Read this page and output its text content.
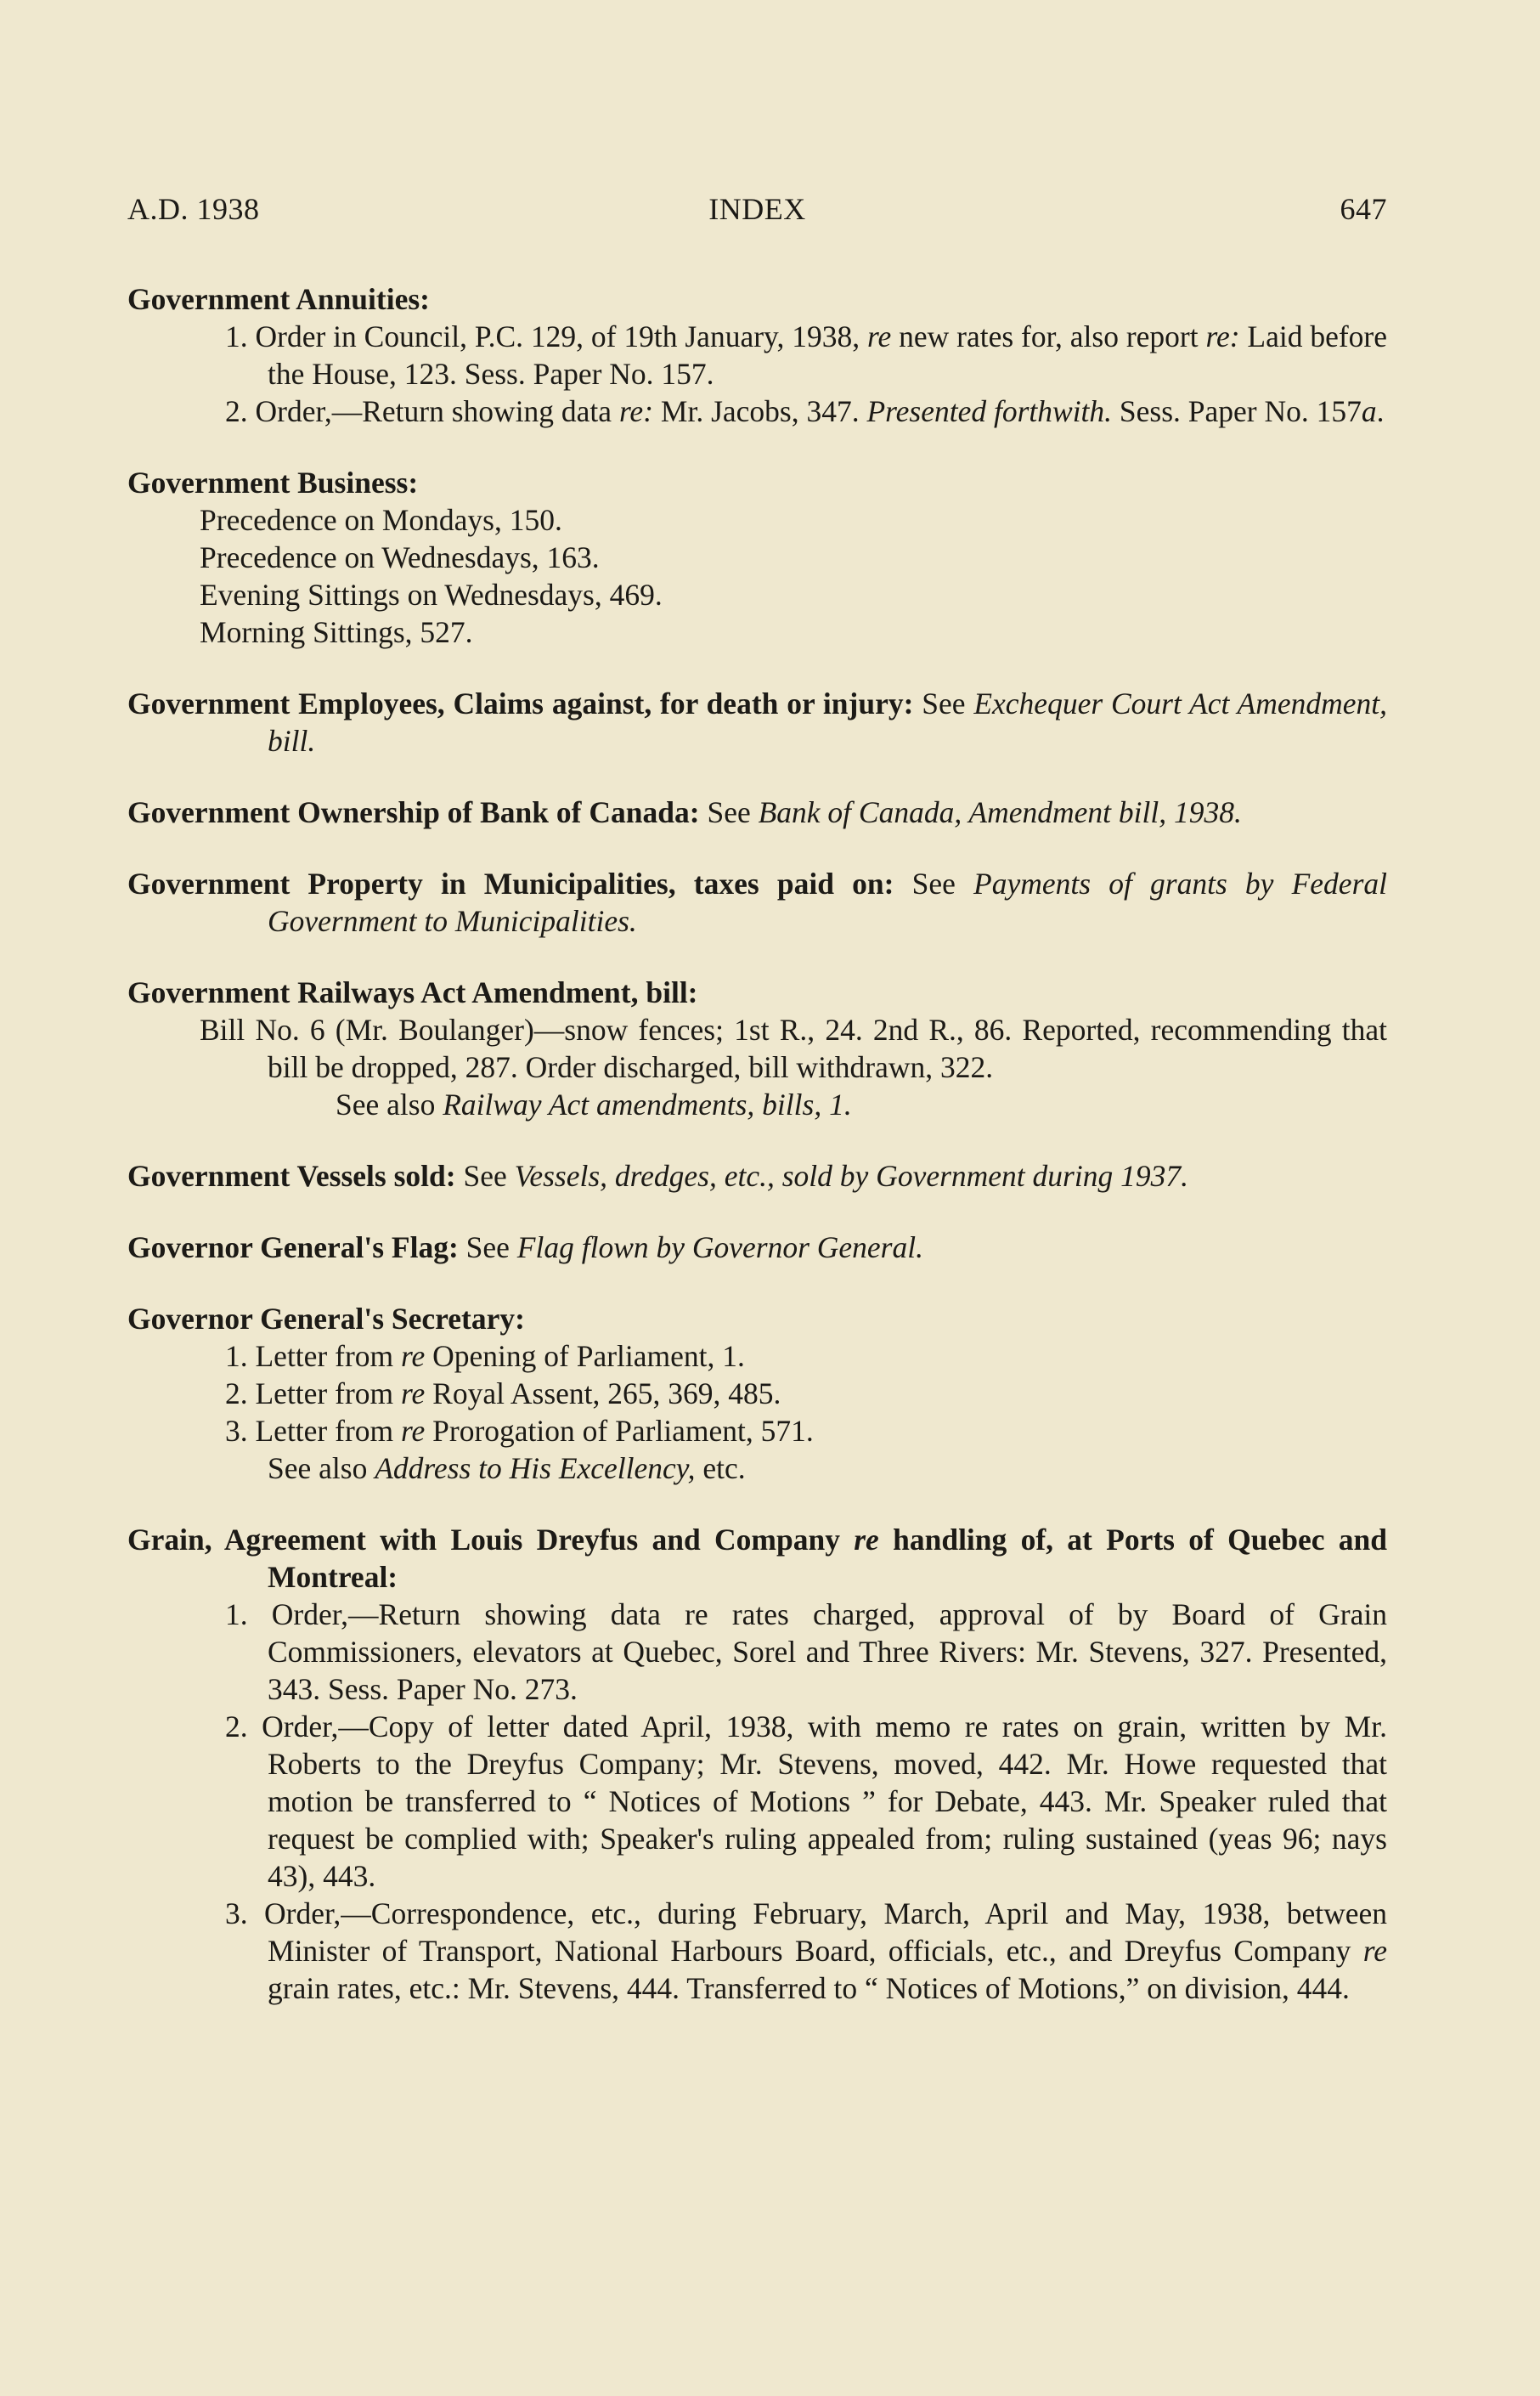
A.D. 1938	INDEX	647
Government Annuities:
1. Order in Council, P.C. 129, of 19th January, 1938, re new rates for, also report re: Laid before the House, 123. Sess. Paper No. 157.
2. Order,—Return showing data re: Mr. Jacobs, 347. Presented forthwith. Sess. Paper No. 157a.
Government Business:
Precedence on Mondays, 150.
Precedence on Wednesdays, 163.
Evening Sittings on Wednesdays, 469.
Morning Sittings, 527.
Government Employees, Claims against, for death or injury: See Exchequer Court Act Amendment, bill.
Government Ownership of Bank of Canada: See Bank of Canada, Amendment bill, 1938.
Government Property in Municipalities, taxes paid on: See Payments of grants by Federal Government to Municipalities.
Government Railways Act Amendment, bill:
Bill No. 6 (Mr. Boulanger)—snow fences; 1st R., 24. 2nd R., 86. Reported, recommending that bill be dropped, 287. Order discharged, bill withdrawn, 322.
See also Railway Act amendments, bills, 1.
Government Vessels sold: See Vessels, dredges, etc., sold by Government during 1937.
Governor General's Flag: See Flag flown by Governor General.
Governor General's Secretary:
1. Letter from re Opening of Parliament, 1.
2. Letter from re Royal Assent, 265, 369, 485.
3. Letter from re Prorogation of Parliament, 571.
See also Address to His Excellency, etc.
Grain, Agreement with Louis Dreyfus and Company re handling of, at Ports of Quebec and Montreal:
1. Order,—Return showing data re rates charged, approval of by Board of Grain Commissioners, elevators at Quebec, Sorel and Three Rivers: Mr. Stevens, 327. Presented, 343. Sess. Paper No. 273.
2. Order,—Copy of letter dated April, 1938, with memo re rates on grain, written by Mr. Roberts to the Dreyfus Company; Mr. Stevens, moved, 442. Mr. Howe requested that motion be transferred to “ Notices of Motions ” for Debate, 443. Mr. Speaker ruled that request be complied with; Speaker's ruling appealed from; ruling sustained (yeas 96; nays 43), 443.
3. Order,—Correspondence, etc., during February, March, April and May, 1938, between Minister of Transport, National Harbours Board, officials, etc., and Dreyfus Company re grain rates, etc.: Mr. Stevens, 444. Transferred to “ Notices of Motions,” on division, 444.
